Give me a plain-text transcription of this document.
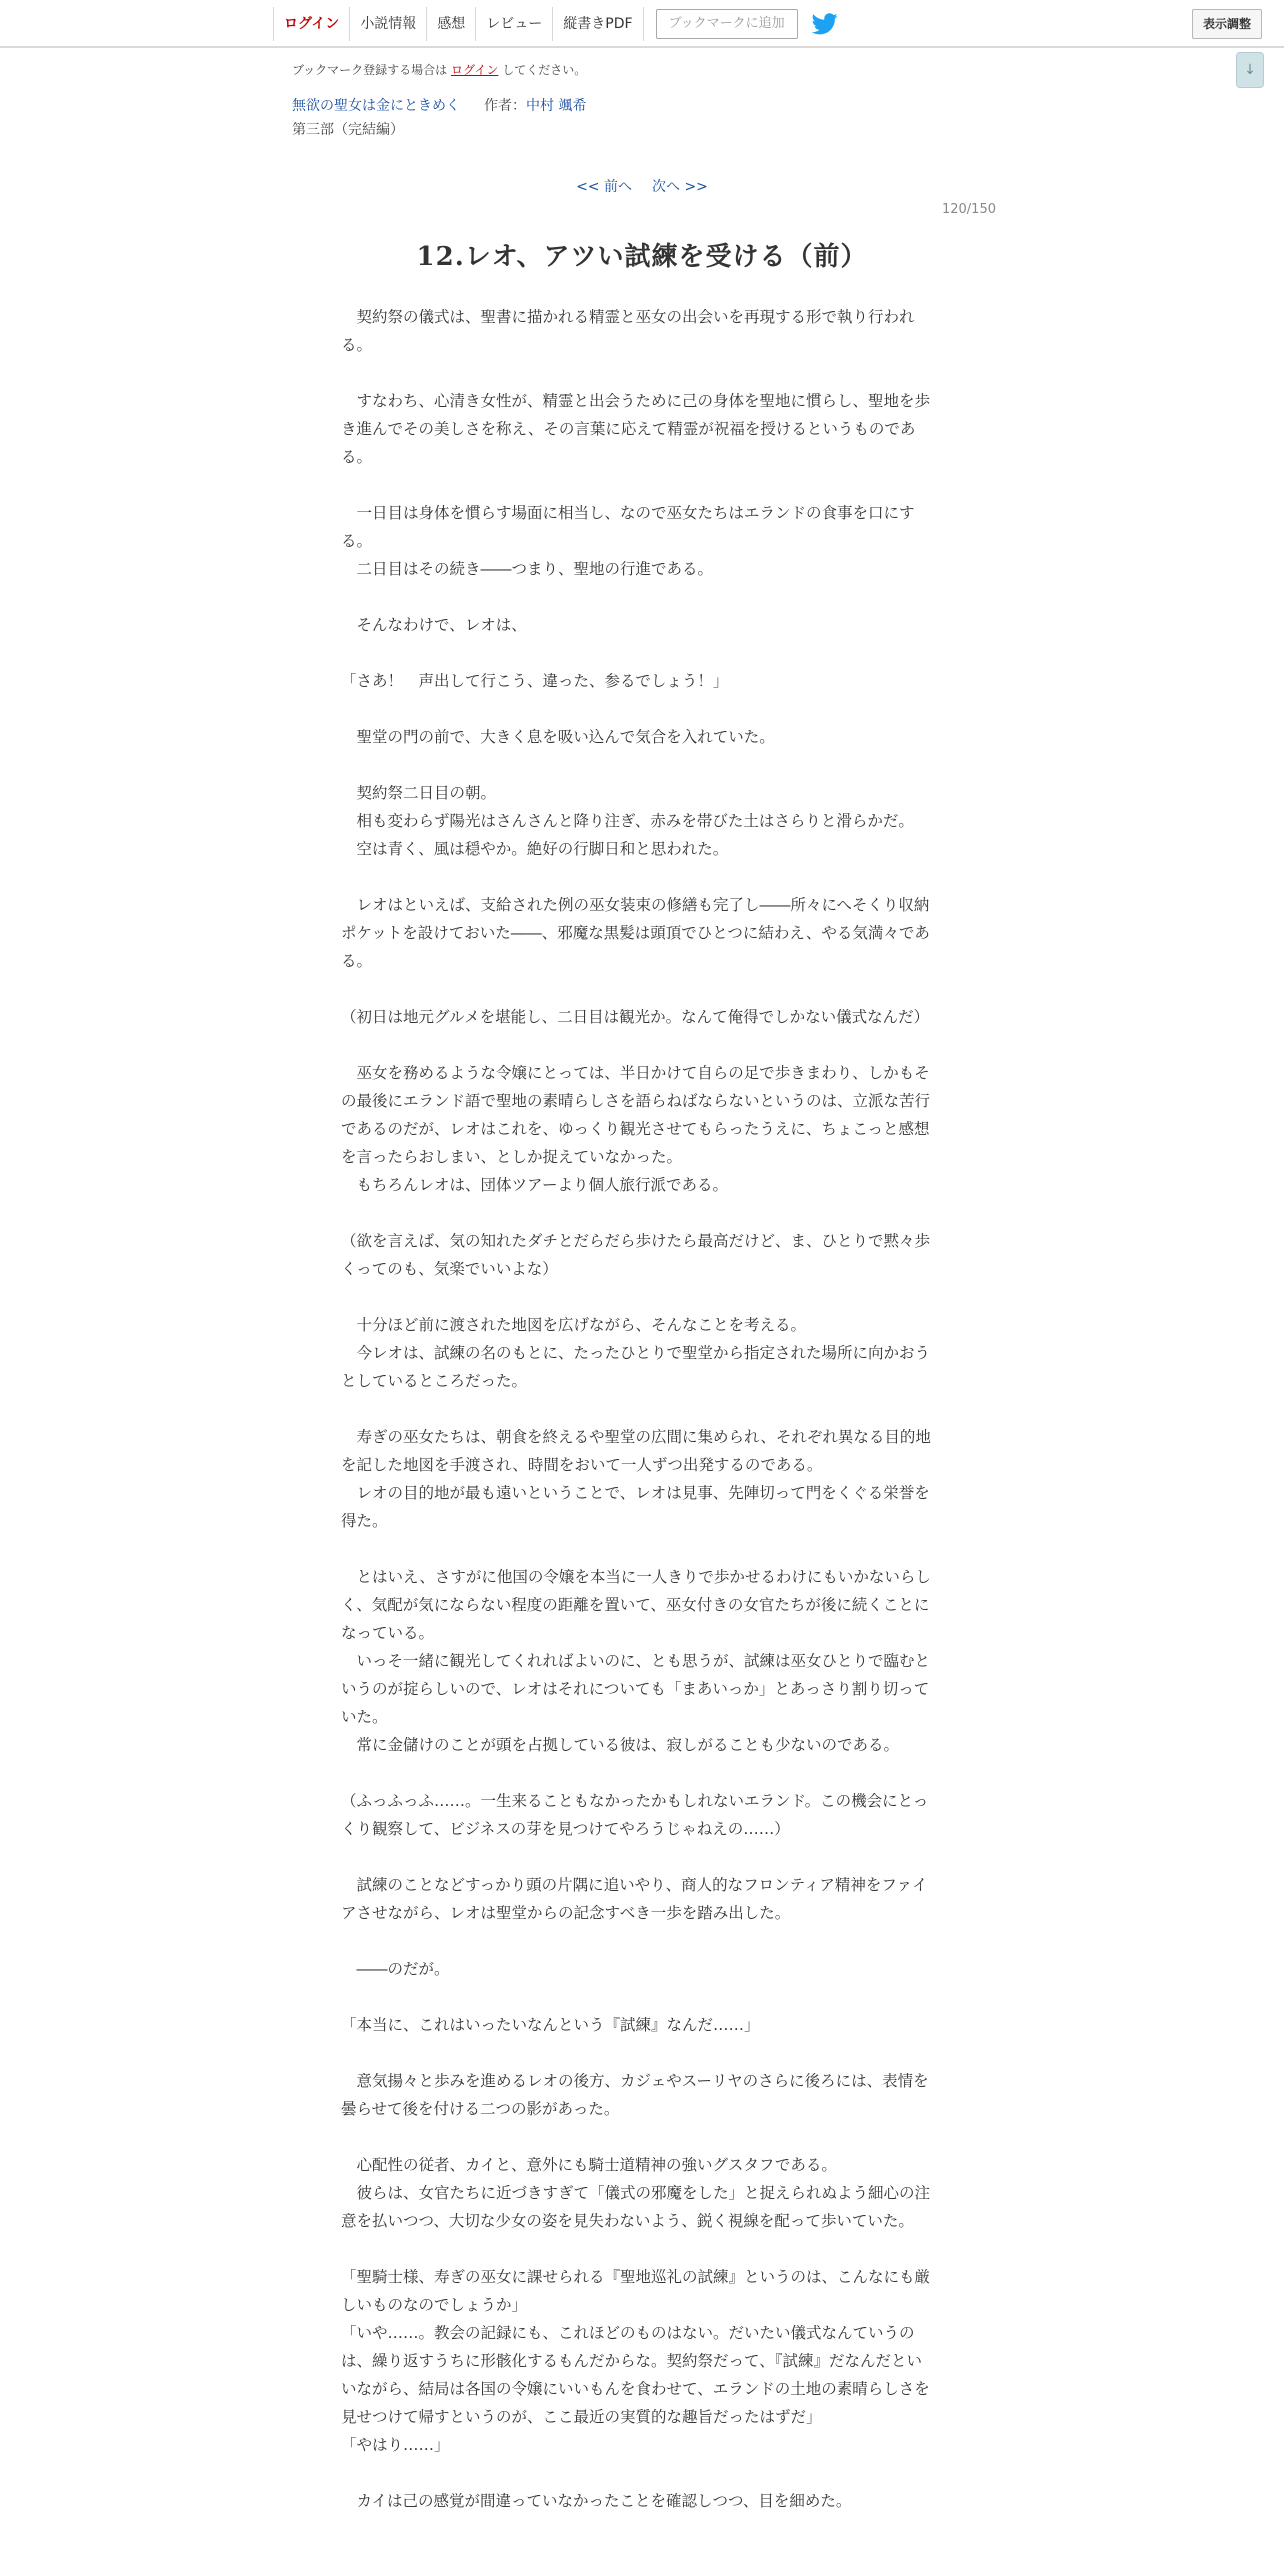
ログイン	小説情報	感想	レビュー	縦書きPDF	ブックマークに追加	表示調整
↓
ブックマーク登録する場合は ログイン してください。
無欲の聖女は金にときめく 作者：中村 颯希
第三部（完結編）
<< 前へ 次へ >>
120/150
12.レオ、アツい試練を受ける（前）

　契約祭の儀式は、聖書に描かれる精霊と巫女の出会いを再現する形で執り行われる。

　すなわち、心清き女性が、精霊と出会うために己の身体を聖地に慣らし、聖地を歩き進んでその美しさを称え、その言葉に応えて精霊が祝福を授けるというものである。

　一日目は身体を慣らす場面に相当し、なので巫女たちはエランドの食事を口にする。

　二日目はその続き――つまり、聖地の行進である。

　そんなわけで、レオは、

「さあ！　声出して行こう、違った、参るでしょう！」

　聖堂の門の前で、大きく息を吸い込んで気合を入れていた。

　契約祭二日目の朝。

　相も変わらず陽光はさんさんと降り注ぎ、赤みを帯びた土はさらりと滑らかだ。

　空は青く、風は穏やか。絶好の行脚日和と思われた。

　レオはといえば、支給された例の巫女装束の修繕も完了し――所々にへそくり収納ポケットを設けておいた――、邪魔な黒髪は頭頂でひとつに結わえ、やる気満々である。

（初日は地元グルメを堪能し、二日目は観光か。なんて俺得でしかない儀式なんだ）

　巫女を務めるような令嬢にとっては、半日かけて自らの足で歩きまわり、しかもその最後にエランド語で聖地の素晴らしさを語らねばならないというのは、立派な苦行であるのだが、レオはこれを、ゆっくり観光させてもらったうえに、ちょこっと感想を言ったらおしまい、としか捉えていなかった。

　もちろんレオは、団体ツアーより個人旅行派である。

（欲を言えば、気の知れたダチとだらだら歩けたら最高だけど、ま、ひとりで黙々歩くってのも、気楽でいいよな）

　十分ほど前に渡された地図を広げながら、そんなことを考える。

　今レオは、試練の名のもとに、たったひとりで聖堂から指定された場所に向かおうとしているところだった。

　寿ぎの巫女たちは、朝食を終えるや聖堂の広間に集められ、それぞれ異なる目的地を記した地図を手渡され、時間をおいて一人ずつ出発するのである。

　レオの目的地が最も遠いということで、レオは見事、先陣切って門をくぐる栄誉を得た。

　とはいえ、さすがに他国の令嬢を本当に一人きりで歩かせるわけにもいかないらしく、気配が気にならない程度の距離を置いて、巫女付きの女官たちが後に続くことになっている。

　いっそ一緒に観光してくれればよいのに、とも思うが、試練は巫女ひとりで臨むというのが掟らしいので、レオはそれについても「まあいっか」とあっさり割り切っていた。

　常に金儲けのことが頭を占拠している彼は、寂しがることも少ないのである。

（ふっふっふ……。一生来ることもなかったかもしれないエランド。この機会にとっくり観察して、ビジネスの芽を見つけてやろうじゃねえの……）

　試練のことなどすっかり頭の片隅に追いやり、商人的なフロンティア精神をファイアさせながら、レオは聖堂からの記念すべき一歩を踏み出した。

　――のだが。

「本当に、これはいったいなんという『試練』なんだ……」

　意気揚々と歩みを進めるレオの後方、カジェやスーリヤのさらに後ろには、表情を曇らせて後を付ける二つの影があった。

　心配性の従者、カイと、意外にも騎士道精神の強いグスタフである。

　彼らは、女官たちに近づきすぎて「儀式の邪魔をした」と捉えられぬよう細心の注意を払いつつ、大切な少女の姿を見失わないよう、鋭く視線を配って歩いていた。

「聖騎士様、寿ぎの巫女に課せられる『聖地巡礼の試練』というのは、こんなにも厳しいものなのでしょうか」

「いや……。教会の記録にも、これほどのものはない。だいたい儀式なんていうのは、繰り返すうちに形骸化するもんだからな。契約祭だって、『試練』だなんだといいながら、結局は各国の令嬢にいいもんを食わせて、エランドの土地の素晴らしさを見せつけて帰すというのが、ここ最近の実質的な趣旨だったはずだ」

「やはり……」

　カイは己の感覚が間違っていなかったことを確認しつつ、目を細めた。
